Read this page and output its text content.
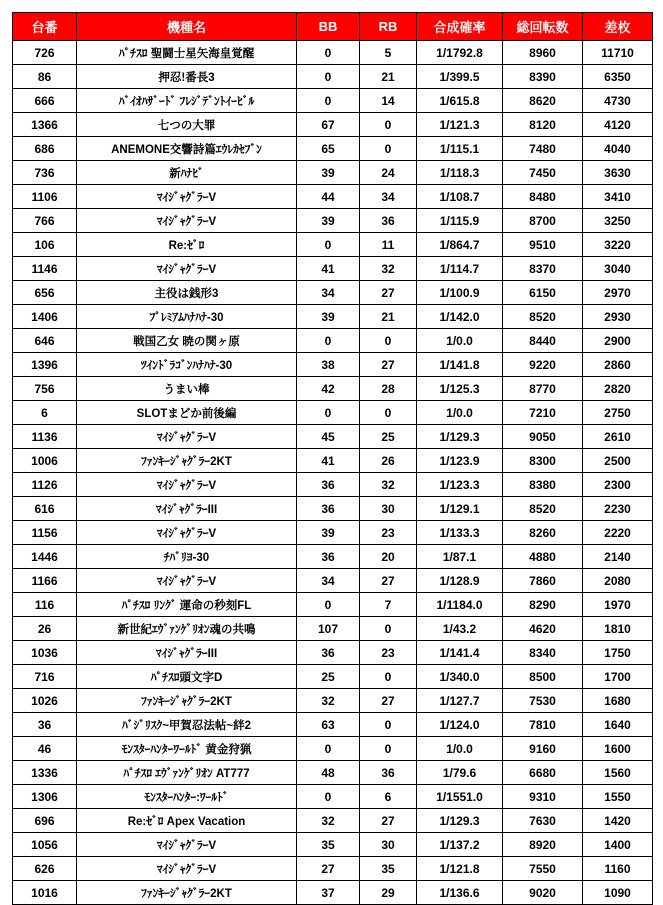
台番	機種名	BB	RB	合成確率	総回転数	差枚
726	ﾊﾟﾁｽﾛ 聖闘士星矢海皇覚醒	0	5	1/1792.8	8960	11710
86	押忍!番長3	0	21	1/399.5	8390	6350
666	ﾊﾞｲｵﾊｻﾞｰﾄﾞ ﾌﾚｼﾞﾃﾞﾝﾄｲｰﾋﾞﾙ	0	14	1/615.8	8620	4730
1366	七つの大罪	67	0	1/121.3	8120	4120
686	ANEMONE交響詩篇ｴｳﾚｶｾﾌﾞﾝ	65	0	1/115.1	7480	4040
736	新ﾊﾅﾋﾞ	39	24	1/118.3	7450	3630
1106	ﾏｲｼﾞｬｸﾞﾗｰV	44	34	1/108.7	8480	3410
766	ﾏｲｼﾞｬｸﾞﾗｰV	39	36	1/115.9	8700	3250
106	Re:ｾﾞﾛ	0	11	1/864.7	9510	3220
1146	ﾏｲｼﾞｬｸﾞﾗｰV	41	32	1/114.7	8370	3040
656	主役は銭形3	34	27	1/100.9	6150	2970
1406	ﾌﾟﾚﾐｱﾑﾊﾅﾊﾅ-30	39	21	1/142.0	8520	2930
646	戦国乙女 暁の関ヶ原	0	0	1/0.0	8440	2900
1396	ﾂｲﾝﾄﾞﾗｺﾞﾝﾊﾅﾊﾅ-30	38	27	1/141.8	9220	2860
756	うまい棒	42	28	1/125.3	8770	2820
6	SLOTまどか前後編	0	0	1/0.0	7210	2750
1136	ﾏｲｼﾞｬｸﾞﾗｰV	45	25	1/129.3	9050	2610
1006	ﾌｧﾝｷｰｼﾞｬｸﾞﾗｰ2KT	41	26	1/123.9	8300	2500
1126	ﾏｲｼﾞｬｸﾞﾗｰV	36	32	1/123.3	8380	2300
616	ﾏｲｼﾞｬｸﾞﾗｰIII	36	30	1/129.1	8520	2230
1156	ﾏｲｼﾞｬｸﾞﾗｰV	39	23	1/133.3	8260	2220
1446	ﾁﾊﾞﾘﾖ-30	36	20	1/87.1	4880	2140
1166	ﾏｲｼﾞｬｸﾞﾗｰV	34	27	1/128.9	7860	2080
116	ﾊﾟﾁｽﾛ ﾘﾝｸﾞ 運命の秒刻FL	0	7	1/1184.0	8290	1970
26	新世紀ｴｳﾞｧﾝｹﾞﾘｵﾝ魂の共鳴	107	0	1/43.2	4620	1810
1036	ﾏｲｼﾞｬｸﾞﾗｰIII	36	23	1/141.4	8340	1750
716	ﾊﾟﾁｽﾛ頭文字D	25	0	1/340.0	8500	1700
1026	ﾌｧﾝｷｰｼﾞｬｸﾞﾗｰ2KT	32	27	1/127.7	7530	1680
36	ﾊﾞｼﾞﾘｽｸ~甲賀忍法帖~絆2	63	0	1/124.0	7810	1640
46	ﾓﾝｽﾀｰﾊﾝﾀｰﾜｰﾙﾄﾞ 黄金狩猟	0	0	1/0.0	9160	1600
1336	ﾊﾟﾁｽﾛ ｴｳﾞｧﾝｹﾞﾘｵﾝ AT777	48	36	1/79.6	6680	1560
1306	ﾓﾝｽﾀｰﾊﾝﾀｰ:ﾜｰﾙﾄﾞ	0	6	1/1551.0	9310	1550
696	Re:ｾﾞﾛ Apex Vacation	32	27	1/129.3	7630	1420
1056	ﾏｲｼﾞｬｸﾞﾗｰV	35	30	1/137.2	8920	1400
626	ﾏｲｼﾞｬｸﾞﾗｰV	27	35	1/121.8	7550	1160
1016	ﾌｧﾝｷｰｼﾞｬｸﾞﾗｰ2KT	37	29	1/136.6	9020	1090
